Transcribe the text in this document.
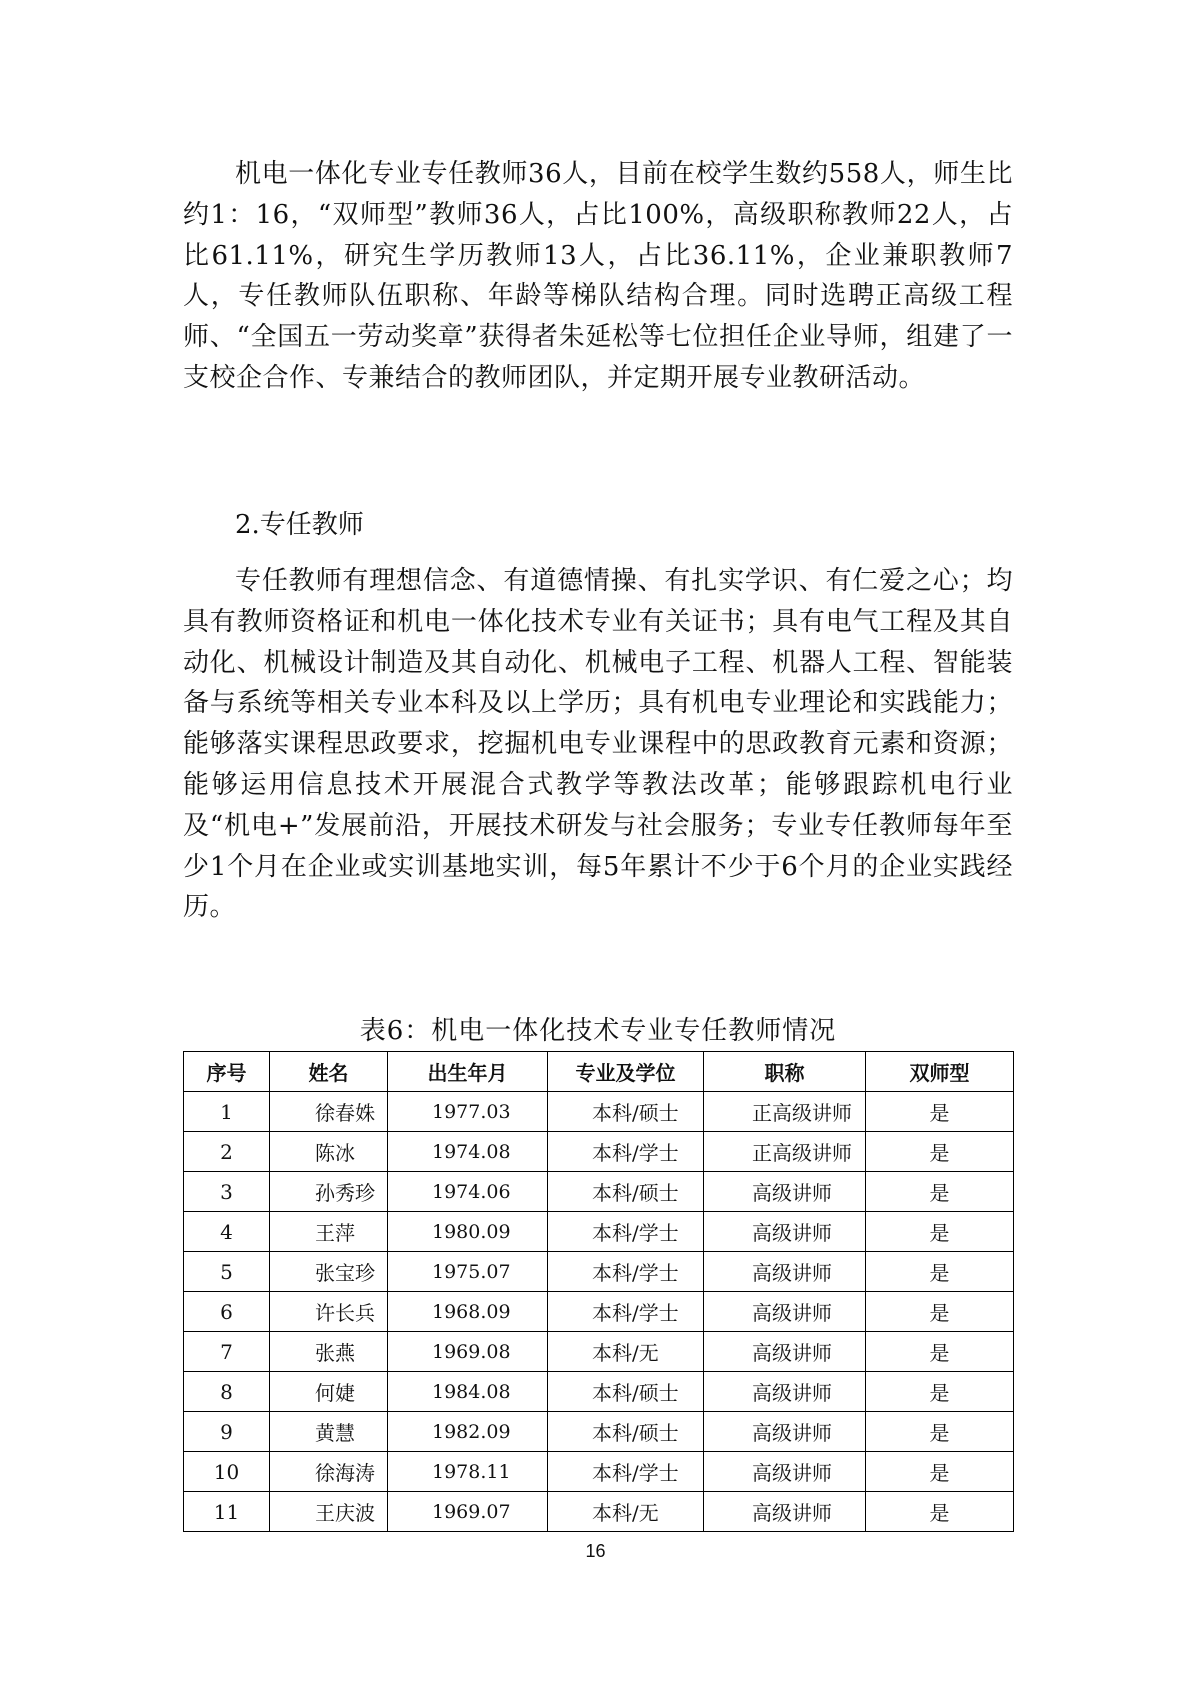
机电一体化专业专任教师36人，目前在校学生数约558人，师生比约1：16，“双师型”教师36人，占比100%，高级职称教师22人，占比61.11%，研究生学历教师13人，占比36.11%，企业兼职教师7人，专任教师队伍职称、年龄等梯队结构合理。同时选聘正高级工程师、“全国五一劳动奖章”获得者朱延松等七位担任企业导师，组建了一支校企合作、专兼结合的教师团队，并定期开展专业教研活动。

2.专任教师

专任教师有理想信念、有道德情操、有扎实学识、有仁爱之心；均具有教师资格证和机电一体化技术专业有关证书；具有电气工程及其自动化、机械设计制造及其自动化、机械电子工程、机器人工程、智能装备与系统等相关专业本科及以上学历；具有机电专业理论和实践能力；能够落实课程思政要求，挖掘机电专业课程中的思政教育元素和资源；能够运用信息技术开展混合式教学等教法改革；能够跟踪机电行业及“机电+”发展前沿，开展技术研发与社会服务；专业专任教师每年至少1个月在企业或实训基地实训，每5年累计不少于6个月的企业实践经历。

表6：机电一体化技术专业专任教师情况

序号	姓名	出生年月	专业及学位	职称	双师型
1	徐春姝	1977.03	本科/硕士	正高级讲师	是
2	陈冰	1974.08	本科/学士	正高级讲师	是
3	孙秀珍	1974.06	本科/硕士	高级讲师	是
4	王萍	1980.09	本科/学士	高级讲师	是
5	张宝珍	1975.07	本科/学士	高级讲师	是
6	许长兵	1968.09	本科/学士	高级讲师	是
7	张燕	1969.08	本科/无	高级讲师	是
8	何婕	1984.08	本科/硕士	高级讲师	是
9	黄慧	1982.09	本科/硕士	高级讲师	是
10	徐海涛	1978.11	本科/学士	高级讲师	是
11	王庆波	1969.07	本科/无	高级讲师	是

16
